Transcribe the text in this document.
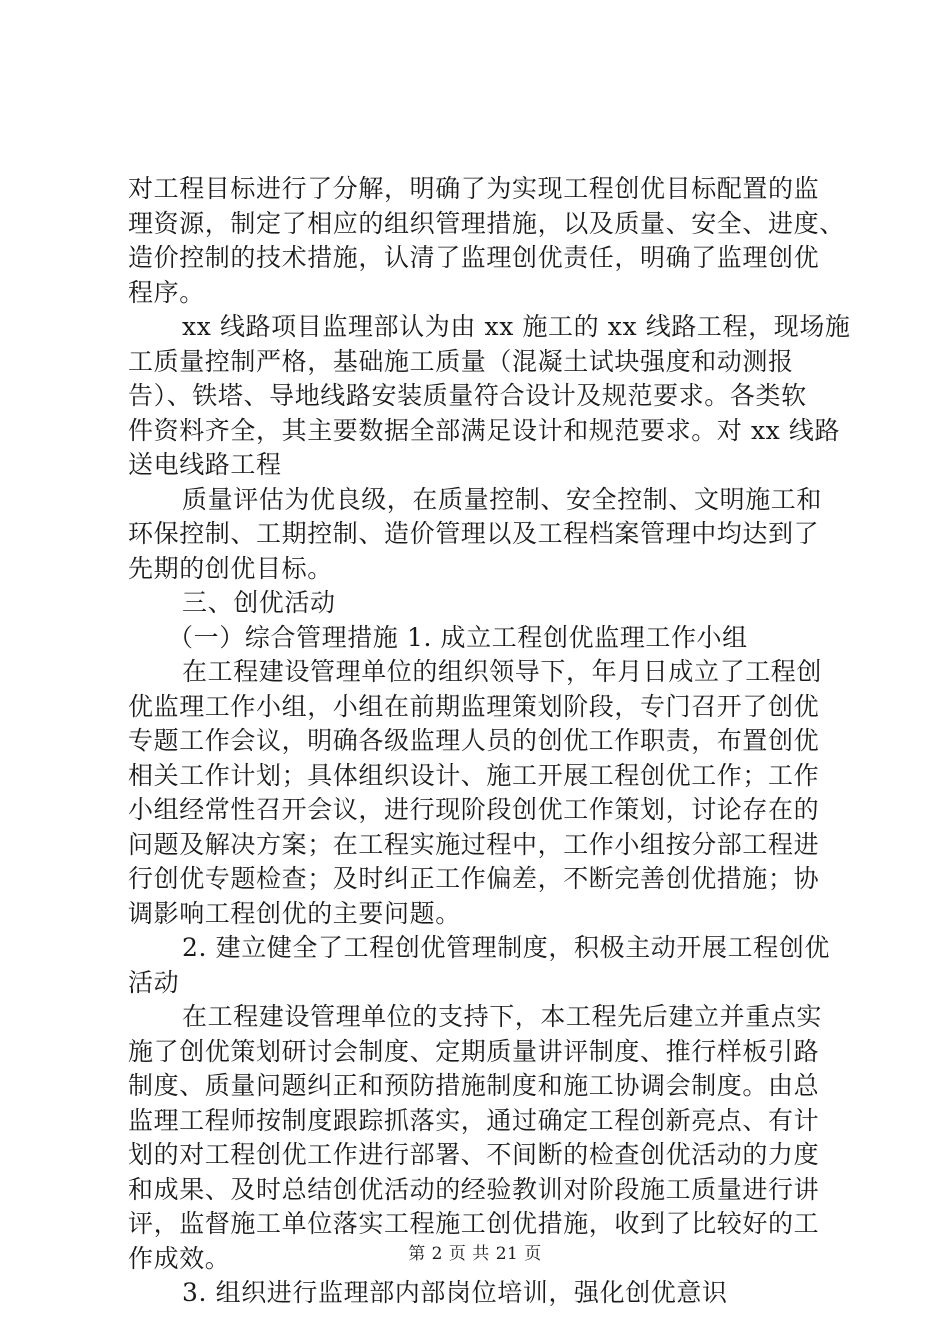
对工程目标进行了分解，明确了为实现工程创优目标配置的监
理资源，制定了相应的组织管理措施，以及质量、安全、进度、
造价控制的技术措施，认清了监理创优责任，明确了监理创优
程序。
xx 线路项目监理部认为由 xx 施工的 xx 线路工程，现场施
工质量控制严格，基础施工质量（混凝土试块强度和动测报
告）、铁塔、导地线路安装质量符合设计及规范要求。各类软
件资料齐全，其主要数据全部满足设计和规范要求。对 xx 线路
送电线路工程
质量评估为优良级，在质量控制、安全控制、文明施工和
环保控制、工期控制、造价管理以及工程档案管理中均达到了
先期的创优目标。
三、创优活动
（一）综合管理措施 1. 成立工程创优监理工作小组
在工程建设管理单位的组织领导下，年月日成立了工程创
优监理工作小组，小组在前期监理策划阶段，专门召开了创优
专题工作会议，明确各级监理人员的创优工作职责，布置创优
相关工作计划；具体组织设计、施工开展工程创优工作；工作
小组经常性召开会议，进行现阶段创优工作策划，讨论存在的
问题及解决方案；在工程实施过程中，工作小组按分部工程进
行创优专题检查；及时纠正工作偏差，不断完善创优措施；协
调影响工程创优的主要问题。
2. 建立健全了工程创优管理制度，积极主动开展工程创优
活动
在工程建设管理单位的支持下，本工程先后建立并重点实
施了创优策划研讨会制度、定期质量讲评制度、推行样板引路
制度、质量问题纠正和预防措施制度和施工协调会制度。由总
监理工程师按制度跟踪抓落实，通过确定工程创新亮点、有计
划的对工程创优工作进行部署、不间断的检查创优活动的力度
和成果、及时总结创优活动的经验教训对阶段施工质量进行讲
评，监督施工单位落实工程施工创优措施，收到了比较好的工
作成效。
3. 组织进行监理部内部岗位培训，强化创优意识
第 2 页 共 21 页
